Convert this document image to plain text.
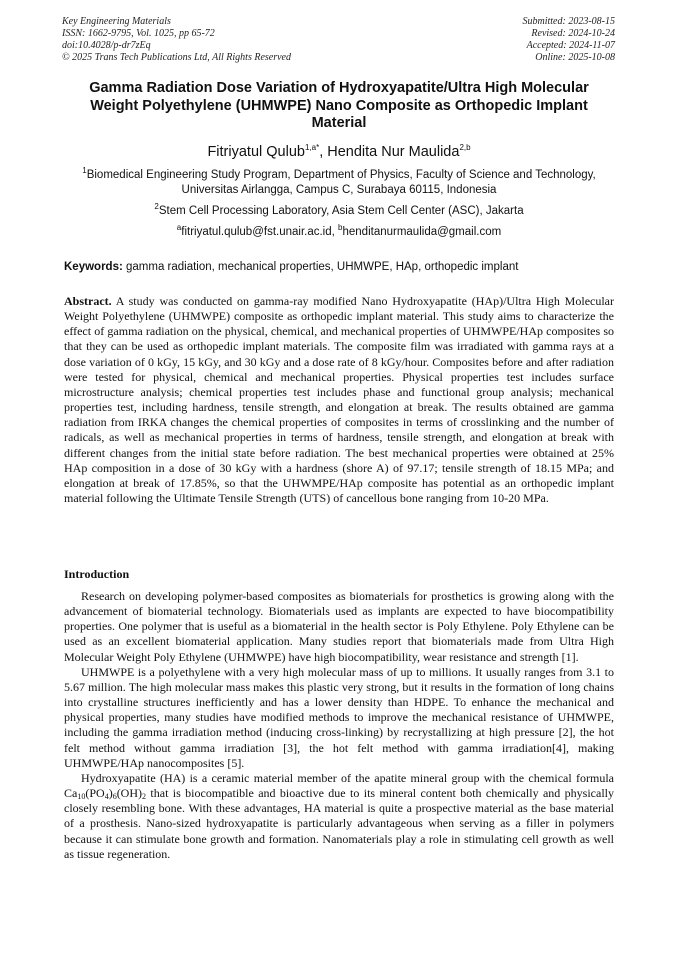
Key Engineering Materials
ISSN: 1662-9795, Vol. 1025, pp 65-72
doi:10.4028/p-dr7zEq
© 2025 Trans Tech Publications Ltd, All Rights Reserved
Submitted: 2023-08-15
Revised: 2024-10-24
Accepted: 2024-11-07
Online: 2025-10-08
Gamma Radiation Dose Variation of Hydroxyapatite/Ultra High Molecular Weight Polyethylene (UHMWPE) Nano Composite as Orthopedic Implant Material
Fitriyatul Qulub$^{1,a*}$, Hendita Nur Maulida$^{2,b}$
$^1$Biomedical Engineering Study Program, Department of Physics, Faculty of Science and Technology, Universitas Airlangga, Campus C, Surabaya 60115, Indonesia
$^2$Stem Cell Processing Laboratory, Asia Stem Cell Center (ASC), Jakarta
$^a$fitriyatul.qulub@fst.unair.ac.id, $^b$henditanurmaulida@gmail.com
Keywords: gamma radiation, mechanical properties, UHMWPE, HAp, orthopedic implant
Abstract. A study was conducted on gamma-ray modified Nano Hydroxyapatite (HAp)/Ultra High Molecular Weight Polyethylene (UHMWPE) composite as orthopedic implant material. This study aims to characterize the effect of gamma radiation on the physical, chemical, and mechanical properties of UHMWPE/HAp composites so that they can be used as orthopedic implant materials. The composite film was irradiated with gamma rays at a dose variation of 0 kGy, 15 kGy, and 30 kGy and a dose rate of 8 kGy/hour. Composites before and after radiation were tested for physical, chemical and mechanical properties. Physical properties test includes surface microstructure analysis; chemical properties test includes phase and functional group analysis; mechanical properties test, including hardness, tensile strength, and elongation at break. The results obtained are gamma radiation from IRKA changes the chemical properties of composites in terms of crosslinking and the number of radicals, as well as mechanical properties in terms of hardness, tensile strength, and elongation at break with different changes from the initial state before radiation. The best mechanical properties were obtained at 25% HAp composition in a dose of 30 kGy with a hardness (shore A) of 97.17; tensile strength of 18.15 MPa; and elongation at break of 17.85%, so that the UHWMPE/HAp composite has potential as an orthopedic implant material following the Ultimate Tensile Strength (UTS) of cancellous bone ranging from 10-20 MPa.
Introduction

Research on developing polymer-based composites as biomaterials for prosthetics is growing along with the advancement of biomaterial technology. Biomaterials used as implants are expected to have biocompatibility properties. One polymer that is useful as a biomaterial in the health sector is Poly Ethylene. Poly Ethylene can be used as an excellent biomaterial application. Many studies report that biomaterials made from Ultra High Molecular Weight Poly Ethylene (UHMWPE) have high biocompatibility, wear resistance and strength [1].

UHMWPE is a polyethylene with a very high molecular mass of up to millions. It usually ranges from 3.1 to 5.67 million. The high molecular mass makes this plastic very strong, but it results in the formation of long chains into crystalline structures inefficiently and has a lower density than HDPE. To enhance the mechanical and physical properties, many studies have modified methods to improve the mechanical resistance of UHMWPE, including the gamma irradiation method (inducing cross-linking) by recrystallizing at high pressure [2], the hot felt method without gamma irradiation [3], the hot felt method with gamma irradiation[4], making UHMWPE/HAp nanocomposites [5].

Hydroxyapatite (HA) is a ceramic material member of the apatite mineral group with the chemical formula $Ca_{10}(PO_4)_6(OH)_2$ that is biocompatible and bioactive due to its mineral content both chemically and physically closely resembling bone. With these advantages, HA material is quite a prospective material as the base material of a prosthesis. Nano-sized hydroxyapatite is particularly advantageous when serving as a filler in polymers because it can stimulate bone growth and formation. Nanomaterials play a role in stimulating cell growth as well as tissue regeneration.
